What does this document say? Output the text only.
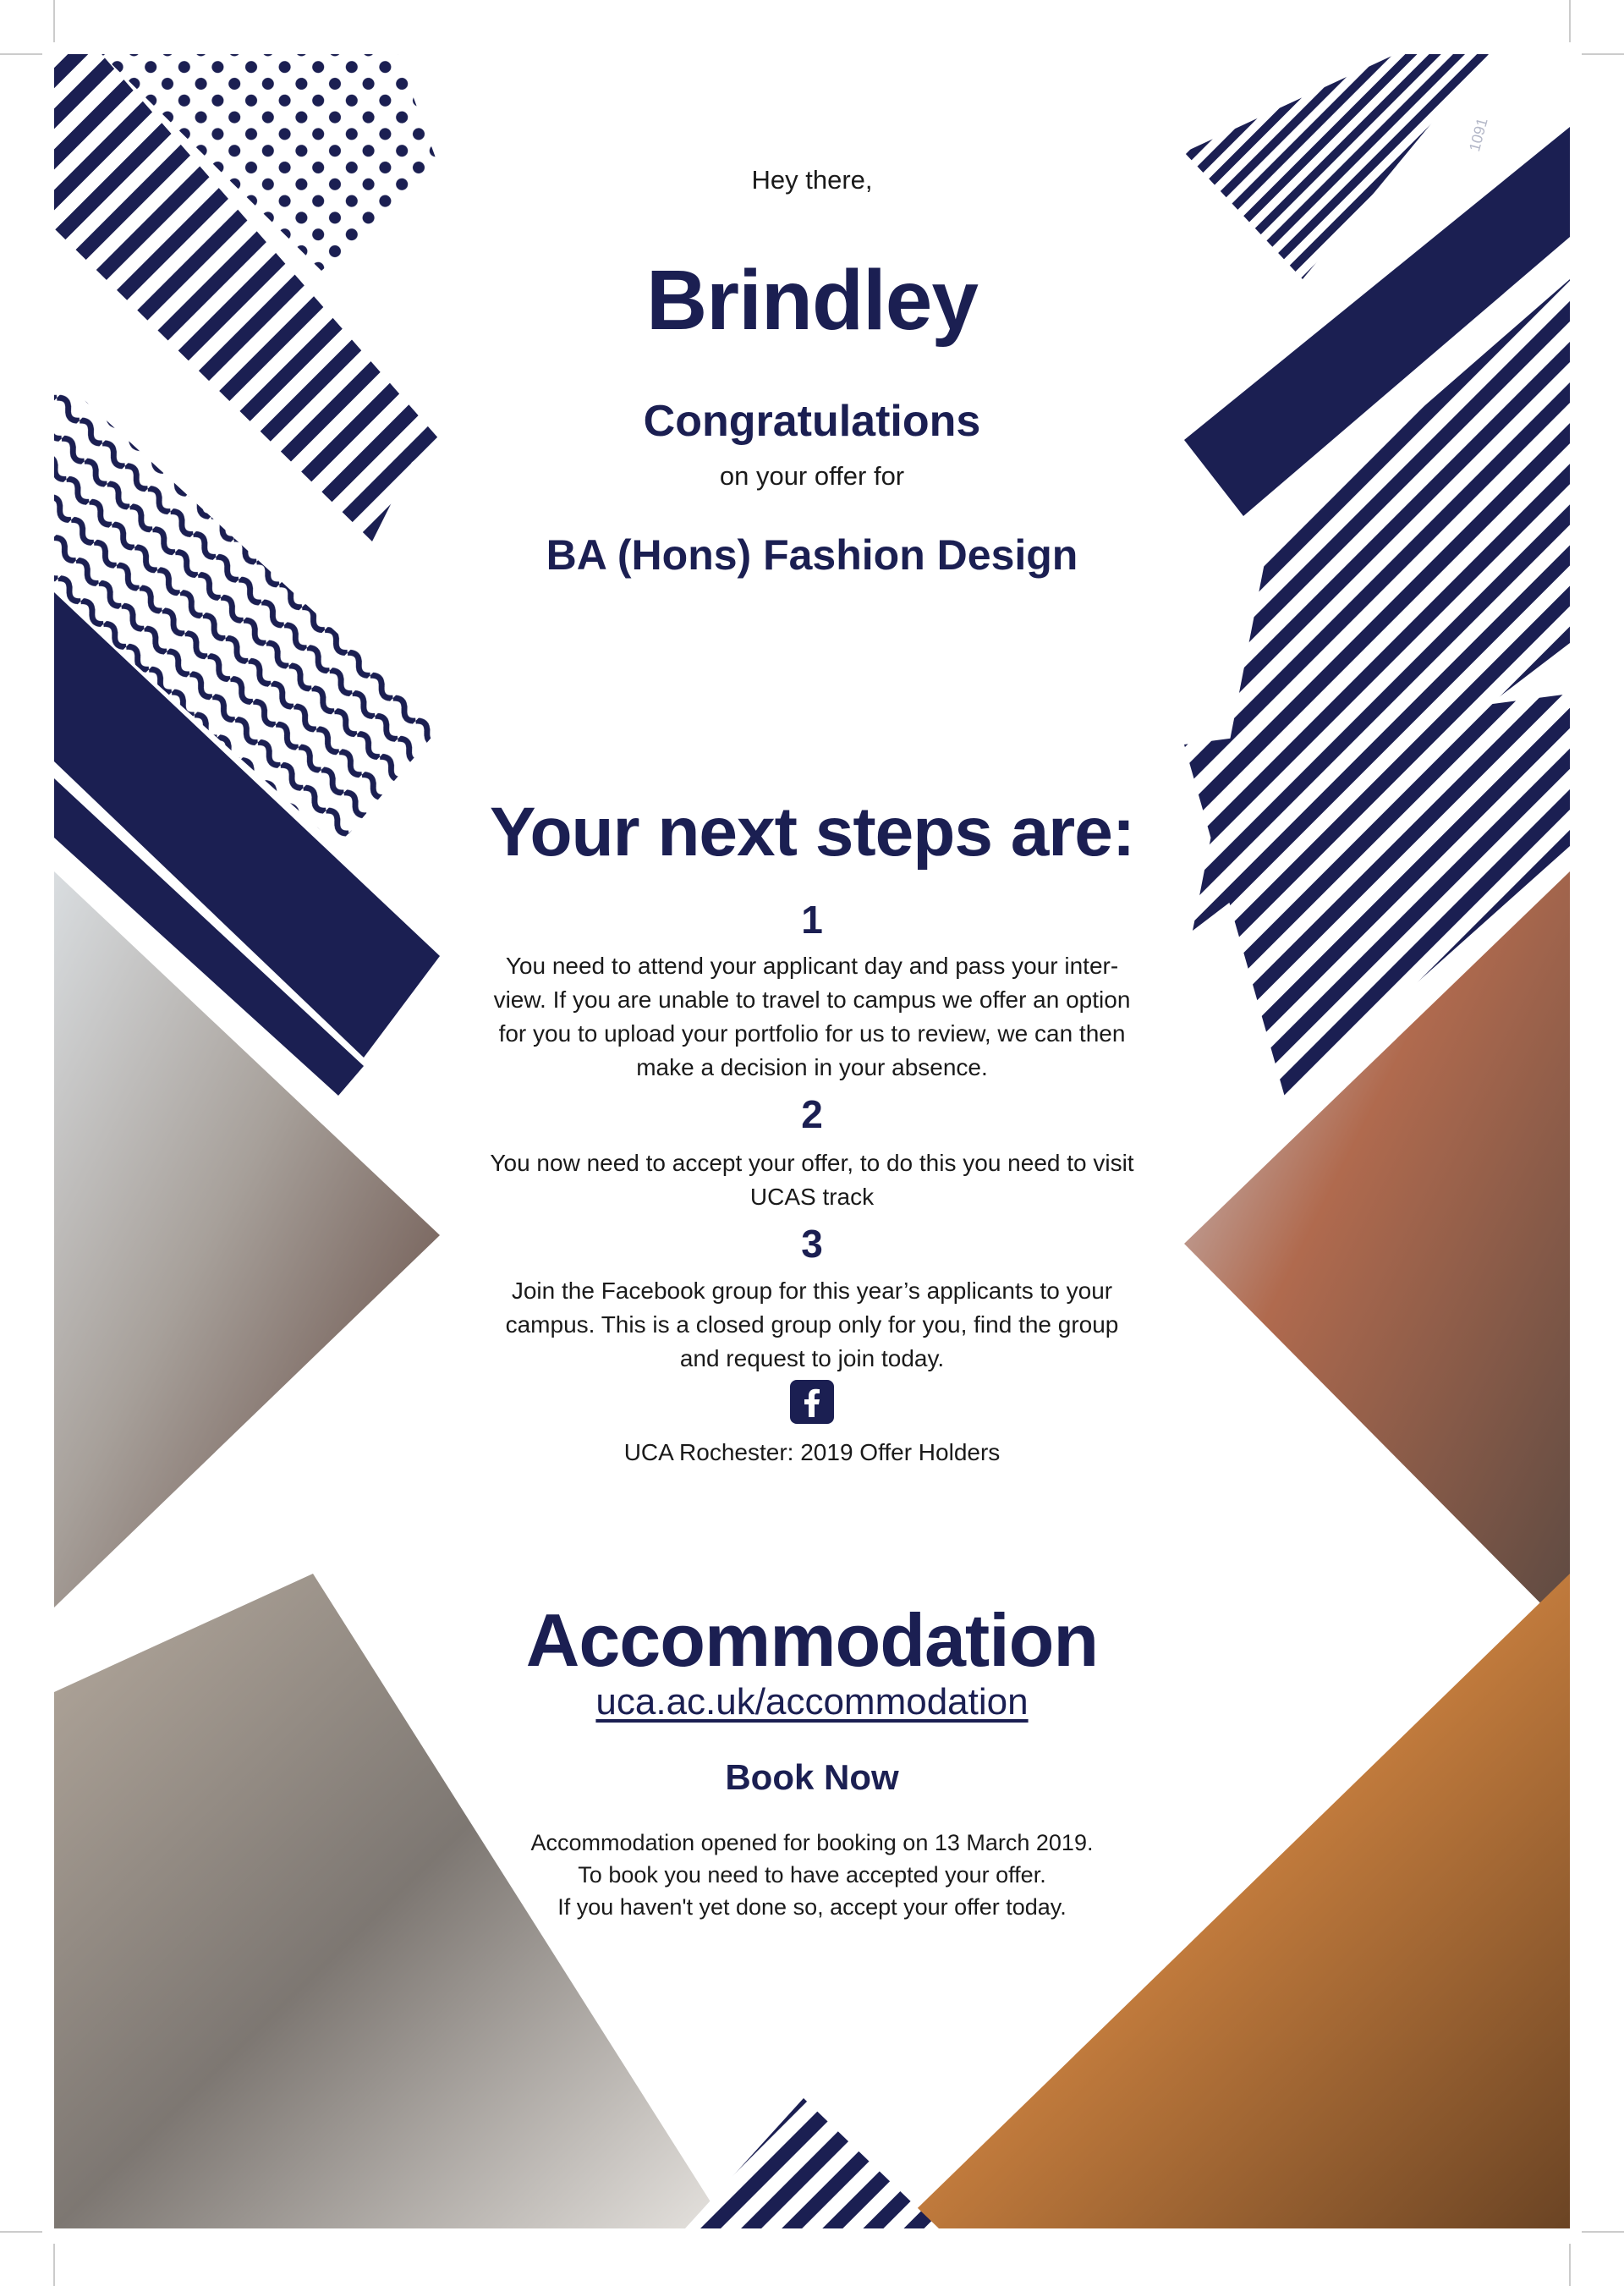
1091
Hey there,
Brindley
Congratulations
on your offer for
BA (Hons) Fashion Design
Your next steps are:
1
You need to attend your applicant day and pass your inter-
view. If you are unable to travel to campus we offer an option
for you to upload your portfolio for us to review, we can then
make a decision in your absence.
2
You now need to accept your offer, to do this you need to visit
UCAS track
3
Join the Facebook group for this year’s applicants to your
campus. This is a closed group only for you, find the group
and request to join today.
UCA Rochester: 2019 Offer Holders
Accommodation
uca.ac.uk/accommodation
Book Now
Accommodation opened for booking on 13 March 2019.
To book you need to have accepted your offer.
If you haven't yet done so, accept your offer today.
